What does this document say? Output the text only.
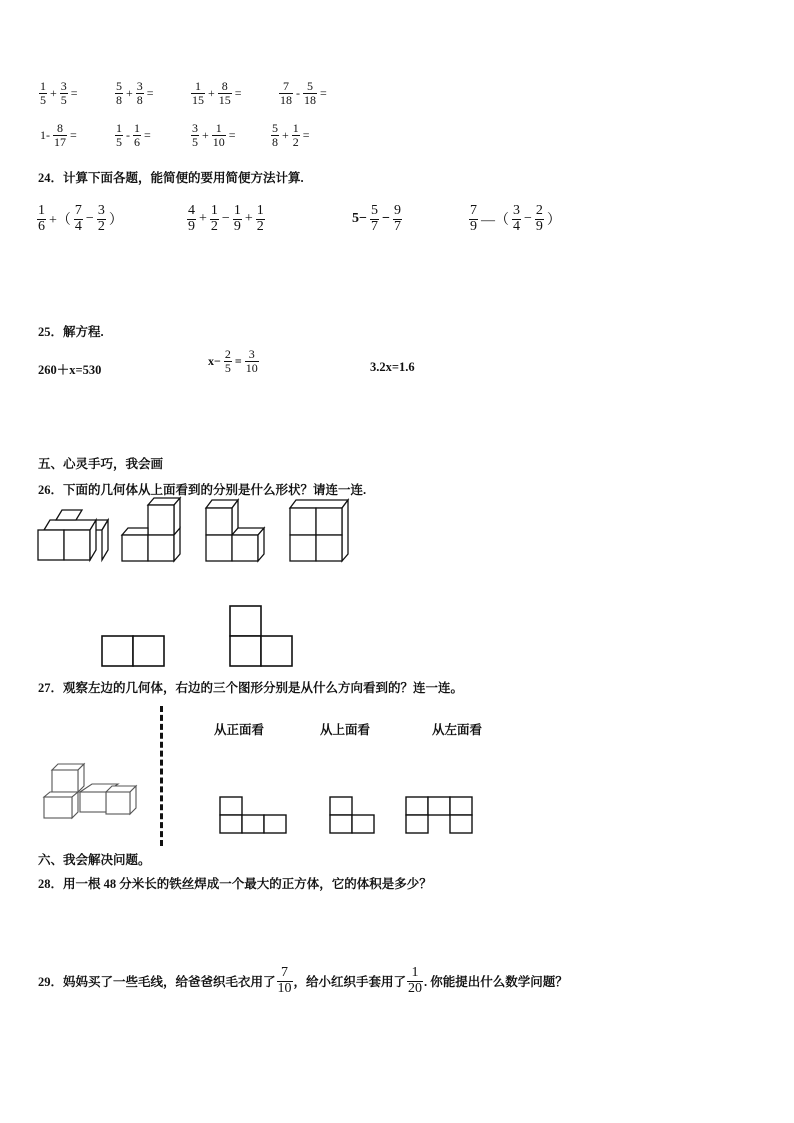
$\frac{1}{5} + \frac{3}{5}$ =	$\frac{5}{8} + \frac{3}{8}$ =	$\frac{1}{15} + \frac{8}{15}$ =	$\frac{7}{18} - \frac{5}{18}$ =
$1- \frac{8}{17}$ =	$\frac{1}{5} - \frac{1}{6}$ =	$\frac{3}{5} + \frac{1}{10}$ =	$\frac{5}{8} + \frac{1}{2}$ =
24．计算下面各题，能简便的要用简便方法计算.
$\frac{1}{6}$ +（ $\frac{7}{4} - \frac{3}{2}$ ）	$\frac{4}{9} + \frac{1}{2} - \frac{1}{9} + \frac{1}{2}$	$5- \frac{5}{7} - \frac{9}{7}$	$\frac{7}{9}$ —（ $\frac{3}{4} - \frac{2}{9}$ ）
25．解方程.
260＋x=530
$x- \frac{2}{5} = \frac{3}{10}$	3.2x=1.6
五、心灵手巧，我会画
26．下面的几何体从上面看到的分别是什么形状？请连一连.
27．观察左边的几何体，右边的三个图形分别是从什么方向看到的？连一连。
从正面看	从上面看	从左面看
六、我会解决问题。
28．用一根 48 分米长的铁丝焊成一个最大的正方体，它的体积是多少？
29．妈妈买了一些毛线，给爸爸织毛衣用了 $\frac{7}{10}$ ，给小红织手套用了 $\frac{1}{20}$ . 你能提出什么数学问题？
